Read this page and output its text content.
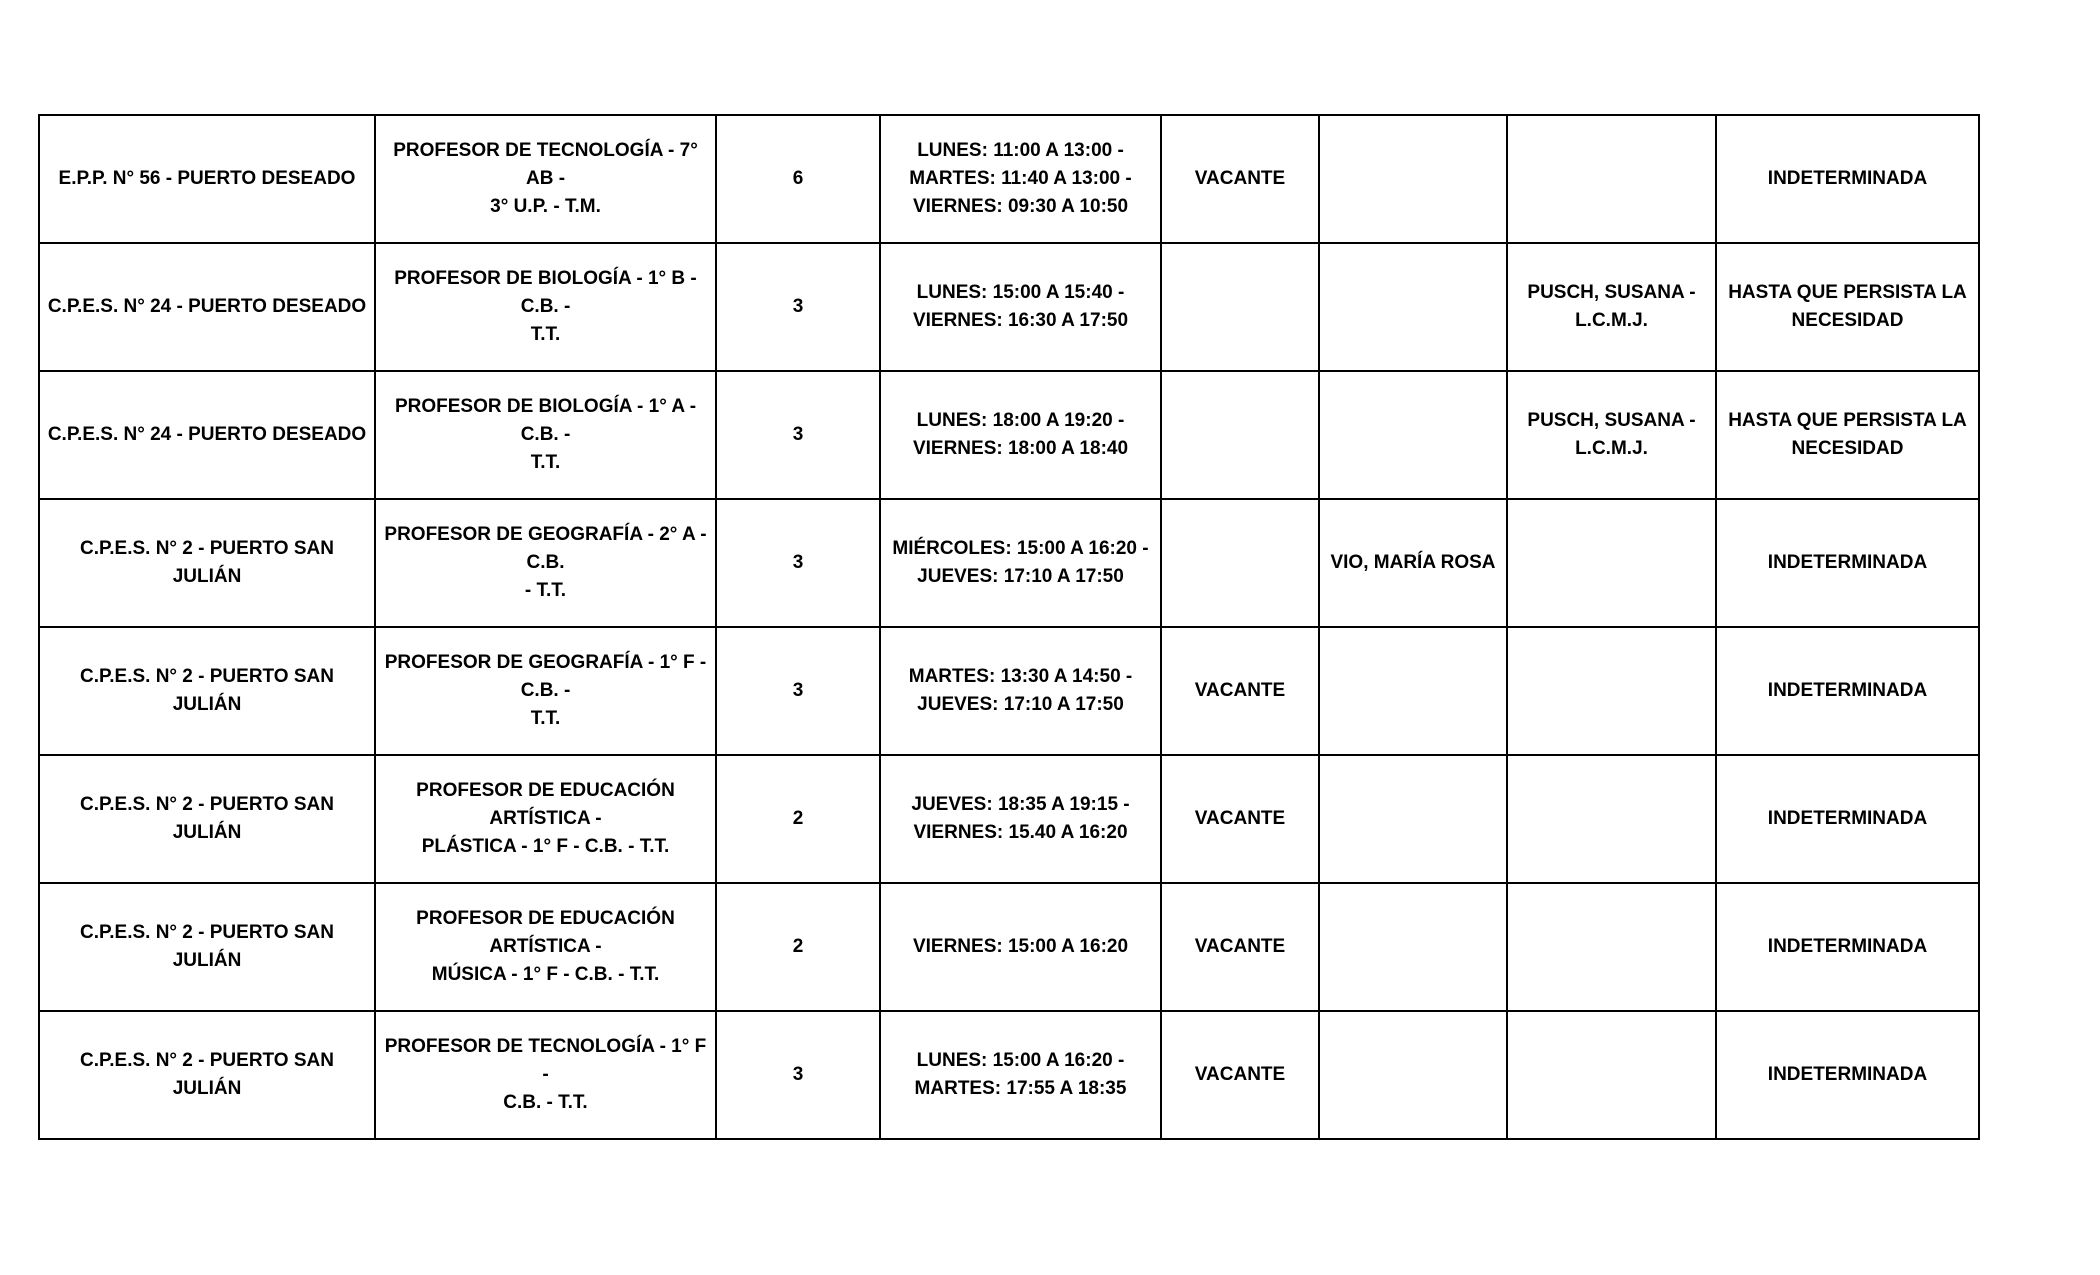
E.P.P. N° 56 - PUERTO DESEADO	PROFESOR DE TECNOLOGÍA - 7° AB -
3° U.P. - T.M.	6	LUNES: 11:00 A 13:00 -
MARTES: 11:40 A 13:00 -
VIERNES: 09:30 A 10:50	VACANTE			INDETERMINADA

C.P.E.S. N° 24 - PUERTO DESEADO	PROFESOR DE BIOLOGÍA - 1° B - C.B. -
T.T.	3	LUNES: 15:00 A 15:40 -
VIERNES: 16:30 A 17:50			PUSCH, SUSANA -
L.C.M.J.	HASTA QUE PERSISTA LA
NECESIDAD

C.P.E.S. N° 24 - PUERTO DESEADO	PROFESOR DE BIOLOGÍA - 1° A - C.B. -
T.T.	3	LUNES: 18:00 A 19:20 -
VIERNES: 18:00 A 18:40			PUSCH, SUSANA -
L.C.M.J.	HASTA QUE PERSISTA LA
NECESIDAD

C.P.E.S. N° 2 - PUERTO SAN JULIÁN	PROFESOR DE GEOGRAFÍA - 2° A - C.B.
- T.T.	3	MIÉRCOLES: 15:00 A 16:20 -
JUEVES: 17:10 A 17:50		VIO, MARÍA ROSA		INDETERMINADA

C.P.E.S. N° 2 - PUERTO SAN JULIÁN	PROFESOR DE GEOGRAFÍA - 1° F - C.B. -
T.T.	3	MARTES: 13:30 A 14:50 -
JUEVES: 17:10 A 17:50	VACANTE			INDETERMINADA

C.P.E.S. N° 2 - PUERTO SAN JULIÁN	PROFESOR DE EDUCACIÓN ARTÍSTICA -
PLÁSTICA - 1° F - C.B. - T.T.	2	JUEVES: 18:35 A 19:15 -
VIERNES: 15.40 A 16:20	VACANTE			INDETERMINADA

C.P.E.S. N° 2 - PUERTO SAN JULIÁN	PROFESOR DE EDUCACIÓN ARTÍSTICA -
MÚSICA - 1° F - C.B. - T.T.	2	VIERNES: 15:00 A 16:20	VACANTE			INDETERMINADA

C.P.E.S. N° 2 - PUERTO SAN JULIÁN	PROFESOR DE TECNOLOGÍA - 1° F -
C.B. - T.T.	3	LUNES: 15:00 A 16:20 -
MARTES: 17:55 A 18:35	VACANTE			INDETERMINADA
